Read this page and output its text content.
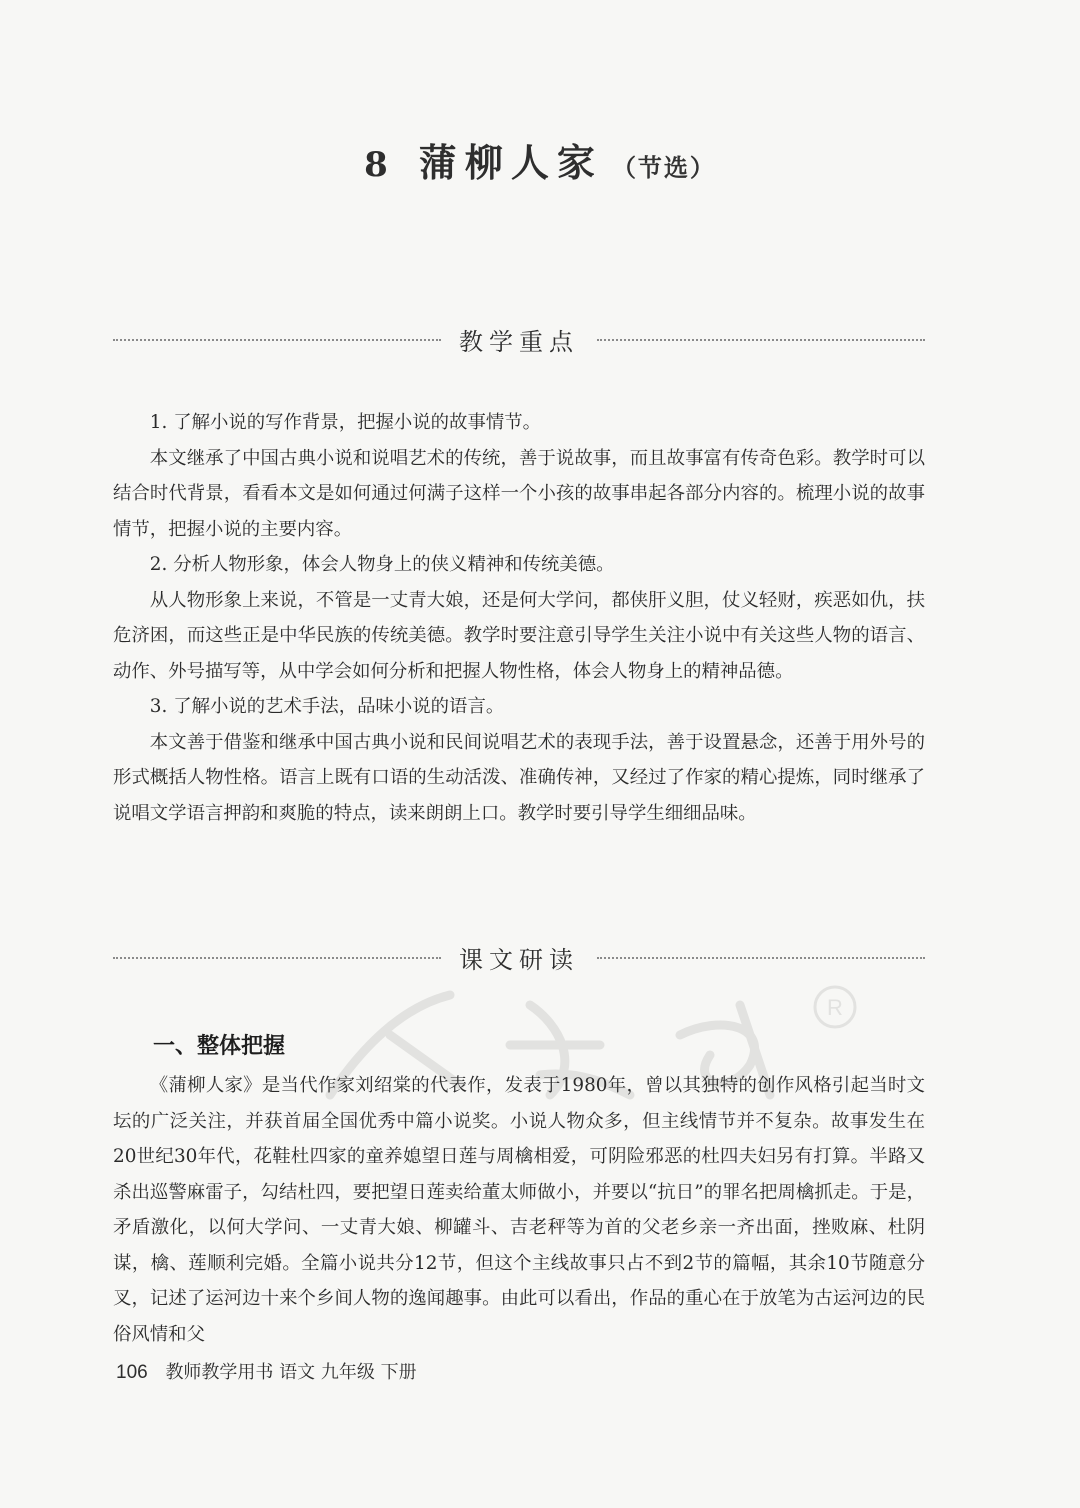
8 蒲柳人家 （节选）
教学重点

1. 了解小说的写作背景，把握小说的故事情节。

本文继承了中国古典小说和说唱艺术的传统，善于说故事，而且故事富有传奇色彩。教学时可以结合时代背景，看看本文是如何通过何满子这样一个小孩的故事串起各部分内容的。梳理小说的故事情节，把握小说的主要内容。

2. 分析人物形象，体会人物身上的侠义精神和传统美德。

从人物形象上来说，不管是一丈青大娘，还是何大学问，都侠肝义胆，仗义轻财，疾恶如仇，扶危济困，而这些正是中华民族的传统美德。教学时要注意引导学生关注小说中有关这些人物的语言、动作、外号描写等，从中学会如何分析和把握人物性格，体会人物身上的精神品德。

3. 了解小说的艺术手法，品味小说的语言。

本文善于借鉴和继承中国古典小说和民间说唱艺术的表现手法，善于设置悬念，还善于用外号的形式概括人物性格。语言上既有口语的生动活泼、准确传神，又经过了作家的精心提炼，同时继承了说唱文学语言押韵和爽脆的特点，读来朗朗上口。教学时要引导学生细细品味。

课文研读
R

一、整体把握

《蒲柳人家》是当代作家刘绍棠的代表作，发表于1980年，曾以其独特的创作风格引起当时文坛的广泛关注，并获首届全国优秀中篇小说奖。小说人物众多，但主线情节并不复杂。故事发生在20世纪30年代，花鞋杜四家的童养媳望日莲与周檎相爱，可阴险邪恶的杜四夫妇另有打算。半路又杀出巡警麻雷子，勾结杜四，要把望日莲卖给董太师做小，并要以“抗日”的罪名把周檎抓走。于是，矛盾激化，以何大学问、一丈青大娘、柳罐斗、吉老秤等为首的父老乡亲一齐出面，挫败麻、杜阴谋，檎、莲顺利完婚。全篇小说共分12节，但这个主线故事只占不到2节的篇幅，其余10节随意分叉，记述了运河边十来个乡间人物的逸闻趣事。由此可以看出，作品的重心在于放笔为古运河边的民俗风情和父

106 教师教学用书 语文 九年级 下册
